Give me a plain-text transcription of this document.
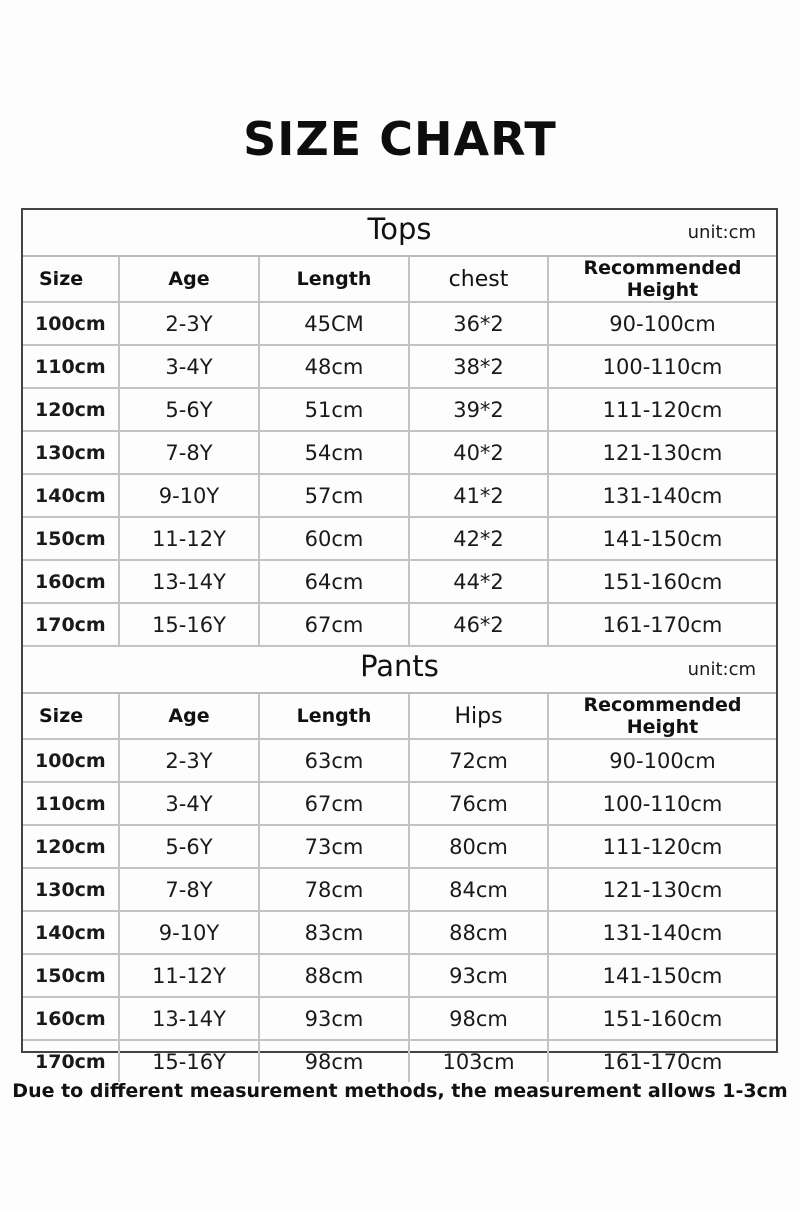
SIZE CHART
Tops	unit:cm
Size	Age	Length	chest	Recommended Height
100cm	2-3Y	45CM	36*2	90-100cm
110cm	3-4Y	48cm	38*2	100-110cm
120cm	5-6Y	51cm	39*2	111-120cm
130cm	7-8Y	54cm	40*2	121-130cm
140cm	9-10Y	57cm	41*2	131-140cm
150cm	11-12Y	60cm	42*2	141-150cm
160cm	13-14Y	64cm	44*2	151-160cm
170cm	15-16Y	67cm	46*2	161-170cm
Pants	unit:cm
Size	Age	Length	Hips	Recommended Height
100cm	2-3Y	63cm	72cm	90-100cm
110cm	3-4Y	67cm	76cm	100-110cm
120cm	5-6Y	73cm	80cm	111-120cm
130cm	7-8Y	78cm	84cm	121-130cm
140cm	9-10Y	83cm	88cm	131-140cm
150cm	11-12Y	88cm	93cm	141-150cm
160cm	13-14Y	93cm	98cm	151-160cm
170cm	15-16Y	98cm	103cm	161-170cm
Due to different measurement methods, the measurement allows 1-3cm
